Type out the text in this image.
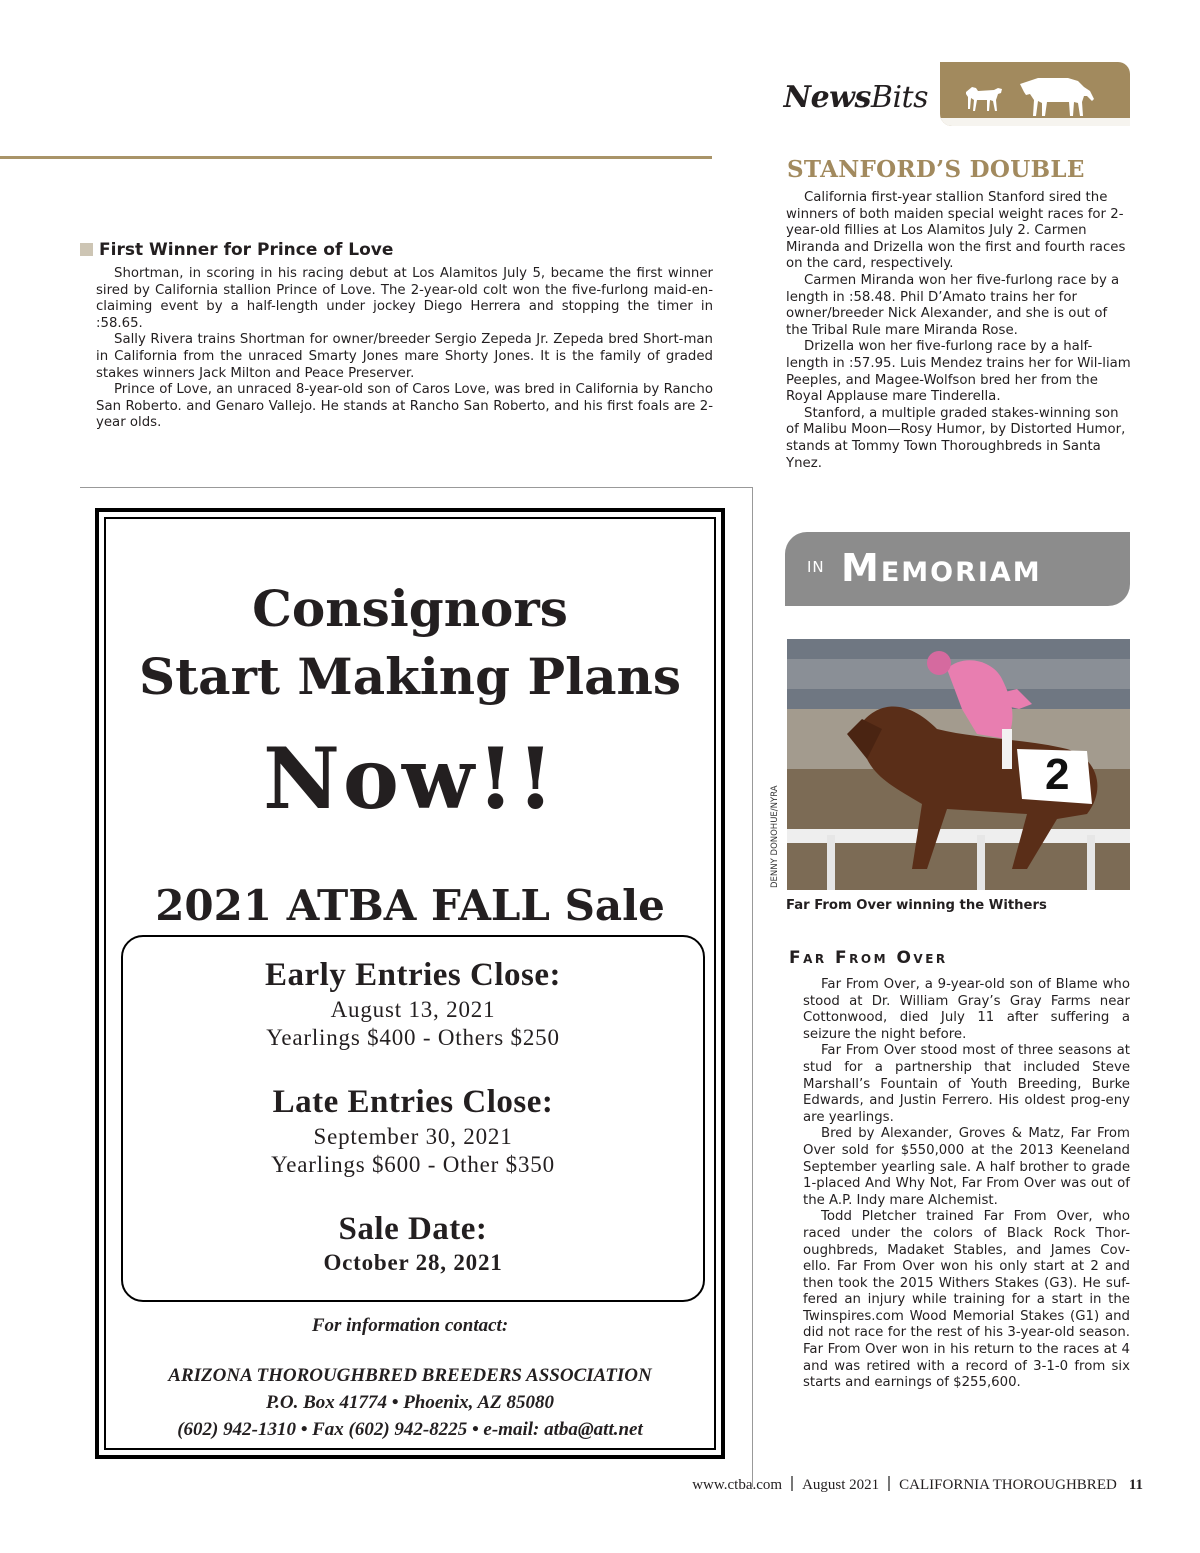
NewsBits
First Winner for Prince of Love

Shortman, in scoring in his racing debut at Los Alamitos July 5, became the first winner sired by California stallion Prince of Love. The 2-year-old colt won the five-furlong maid-en-claiming event by a half-length under jockey Diego Herrera and stopping the timer in :58.65.

Sally Rivera trains Shortman for owner/breeder Sergio Zepeda Jr. Zepeda bred Short-man in California from the unraced Smarty Jones mare Shorty Jones. It is the family of graded stakes winners Jack Milton and Peace Preserver.

Prince of Love, an unraced 8-year-old son of Caros Love, was bred in California by Rancho San Roberto. and Genaro Vallejo. He stands at Rancho San Roberto, and his first foals are 2-year olds.

STANFORD’S DOUBLE

California first-year stallion Stanford sired the winners of both maiden special weight races for 2-year-old fillies at Los Alamitos July 2. Carmen Miranda and Drizella won the first and fourth races on the card, respectively.

Carmen Miranda won her five-furlong race by a length in :58.48. Phil D’Amato trains her for owner/breeder Nick Alexander, and she is out of the Tribal Rule mare Miranda Rose.

Drizella won her five-furlong race by a half-length in :57.95. Luis Mendez trains her for Wil-liam Peeples, and Magee-Wolfson bred her from the Royal Applause mare Tinderella.

Stanford, a multiple graded stakes-winning son of Malibu Moon—Rosy Humor, by Distorted Humor, stands at Tommy Town Thoroughbreds in Santa Ynez.

IN Memoriam
2
DENNY DONOHUE/NYRA
Far From Over winning the Withers
Far From Over

Far From Over, a 9-year-old son of Blame who stood at Dr. William Gray’s Gray Farms near Cottonwood, died July 11 after suffering a seizure the night before.

Far From Over stood most of three seasons at stud for a partnership that included Steve Marshall’s Fountain of Youth Breeding, Burke Edwards, and Justin Ferrero. His oldest prog-eny are yearlings.

Bred by Alexander, Groves & Matz, Far From Over sold for $550,000 at the 2013 Keeneland September yearling sale. A half brother to grade 1-placed And Why Not, Far From Over was out of the A.P. Indy mare Alchemist.

Todd Pletcher trained Far From Over, who raced under the colors of Black Rock Thor-oughbreds, Madaket Stables, and James Cov-ello. Far From Over won his only start at 2 and then took the 2015 Withers Stakes (G3). He suf-fered an injury while training for a start in the Twinspires.com Wood Memorial Stakes (G1) and did not race for the rest of his 3-year-old season. Far From Over won in his return to the races at 4 and was retired with a record of 3-1-0 from six starts and earnings of $255,600.

Consignors
Start Making Plans
Now!!
2021 ATBA FALL Sale
Early Entries Close:
August 13, 2021
Yearlings $400 - Others $250
Late Entries Close:
September 30, 2021
Yearlings $600 - Other $350
Sale Date:
October 28, 2021
For information contact:
ARIZONA THOROUGHBRED BREEDERS ASSOCIATION
P.O. Box 41774 • Phoenix, AZ 85080
(602) 942-1310 • Fax (602) 942-8225 • e-mail: atba@att.net
www.ctba.com August 2021 CALIFORNIA THOROUGHBRED 11
